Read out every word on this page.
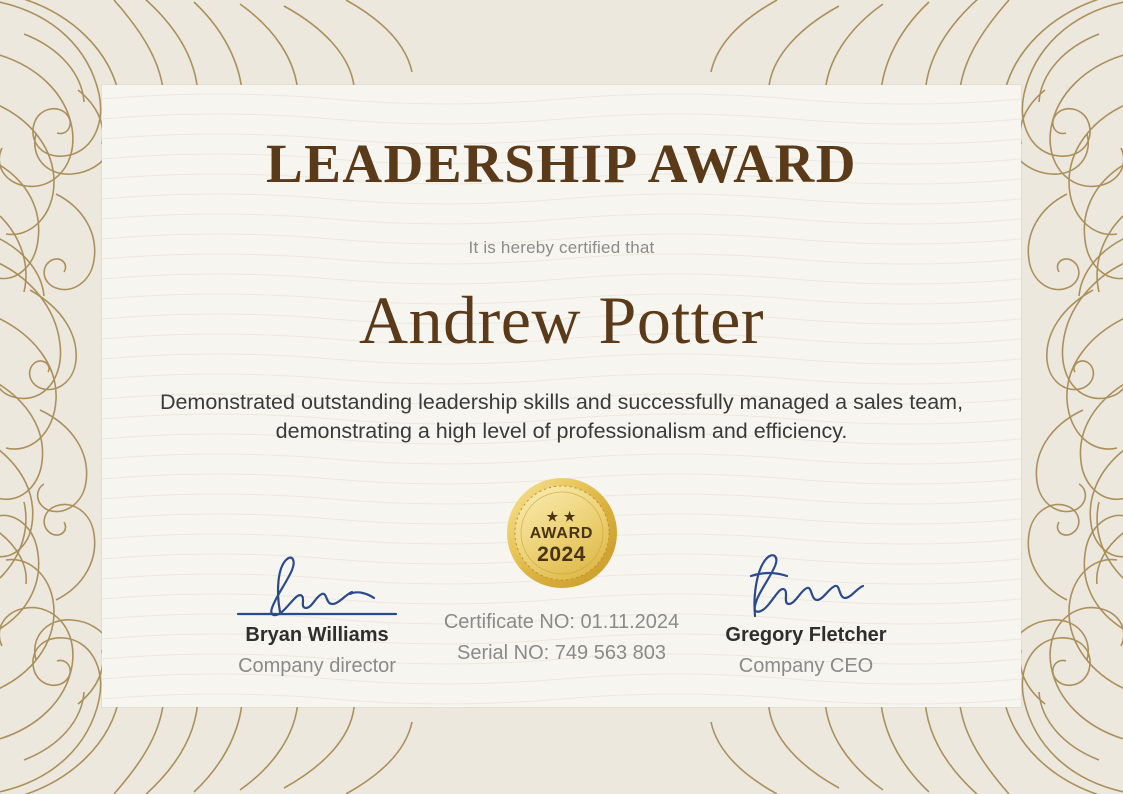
LEADERSHIP AWARD
It is hereby certified that
Andrew Potter
Demonstrated outstanding leadership skills and successfully managed a sales team, demonstrating a high level of professionalism and efficiency.
★ ★
AWARD
2024
Bryan Williams
Company director
Gregory Fletcher
Company CEO
Certificate NO: 01.11.2024
Serial NO: 749 563 803
